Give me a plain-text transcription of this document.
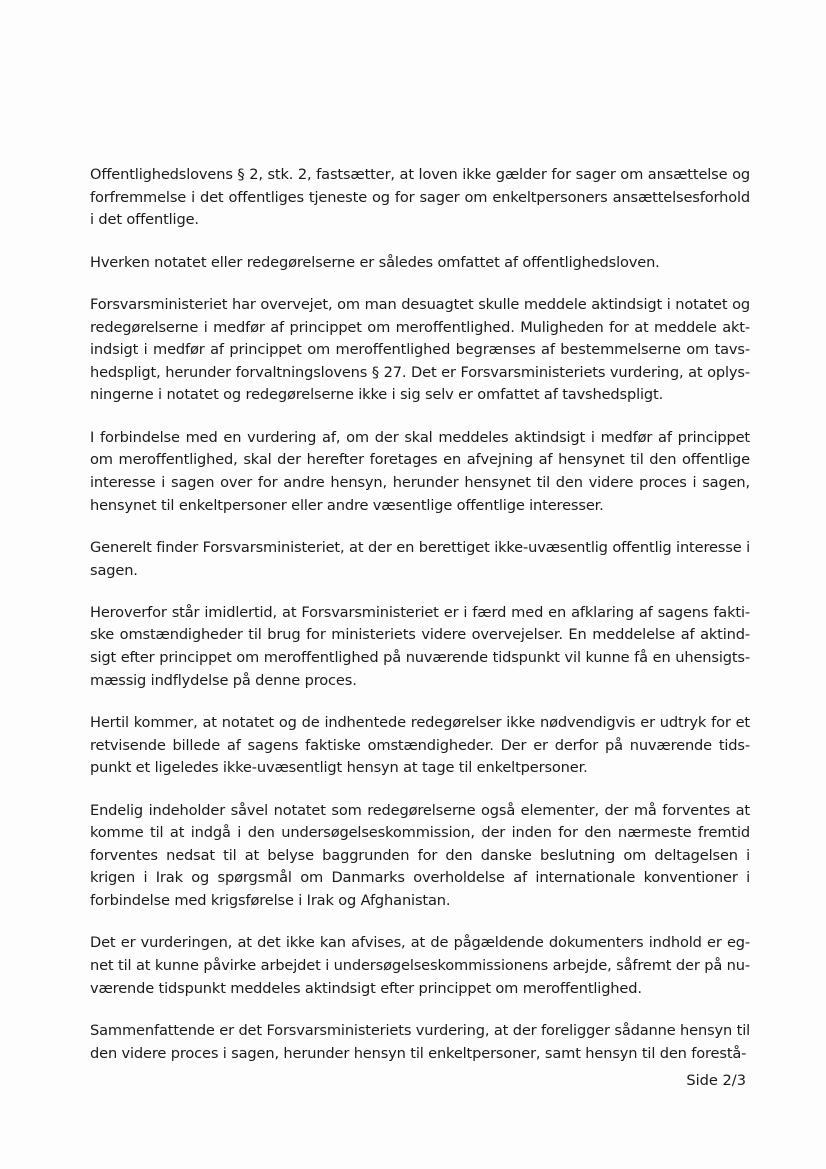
Offentlighedslovens § 2, stk. 2, fastsætter, at loven ikke gælder for sager om ansættelse og forfremmelse i det offentliges tjeneste og for sager om enkeltpersoners ansættelsesforhold i det offentlige.

Hverken notatet eller redegørelserne er således omfattet af offentlighedsloven.

Forsvarsministeriet har overvejet, om man desuagtet skulle meddele aktindsigt i notatet og redegørelserne i medfør af princippet om meroffentlighed. Muligheden for at meddele akt-indsigt i medfør af princippet om meroffentlighed begrænses af bestemmelserne om tavs-hedspligt, herunder forvaltningslovens § 27. Det er Forsvarsministeriets vurdering, at oplys-ningerne i notatet og redegørelserne ikke i sig selv er omfattet af tavshedspligt.

I forbindelse med en vurdering af, om der skal meddeles aktindsigt i medfør af princippet om meroffentlighed, skal der herefter foretages en afvejning af hensynet til den offentlige interesse i sagen over for andre hensyn, herunder hensynet til den videre proces i sagen, hensynet til enkeltpersoner eller andre væsentlige offentlige interesser.

Generelt finder Forsvarsministeriet, at der en berettiget ikke-uvæsentlig offentlig interesse i sagen.

Heroverfor står imidlertid, at Forsvarsministeriet er i færd med en afklaring af sagens fakti-ske omstændigheder til brug for ministeriets videre overvejelser. En meddelelse af aktind-sigt efter princippet om meroffentlighed på nuværende tidspunkt vil kunne få en uhensigts-mæssig indflydelse på denne proces.

Hertil kommer, at notatet og de indhentede redegørelser ikke nødvendigvis er udtryk for et retvisende billede af sagens faktiske omstændigheder. Der er derfor på nuværende tids-punkt et ligeledes ikke-uvæsentligt hensyn at tage til enkeltpersoner.

Endelig indeholder såvel notatet som redegørelserne også elementer, der må forventes at komme til at indgå i den undersøgelseskommission, der inden for den nærmeste fremtid forventes nedsat til at belyse baggrunden for den danske beslutning om deltagelsen i krigen i Irak og spørgsmål om Danmarks overholdelse af internationale konventioner i forbindelse med krigsførelse i Irak og Afghanistan.

Det er vurderingen, at det ikke kan afvises, at de pågældende dokumenters indhold er eg-net til at kunne påvirke arbejdet i undersøgelseskommissionens arbejde, såfremt der på nu-værende tidspunkt meddeles aktindsigt efter princippet om meroffentlighed.

Sammenfattende er det Forsvarsministeriets vurdering, at der foreligger sådanne hensyn til den videre proces i sagen, herunder hensyn til enkeltpersoner, samt hensyn til den forestå-

Side 2/3
